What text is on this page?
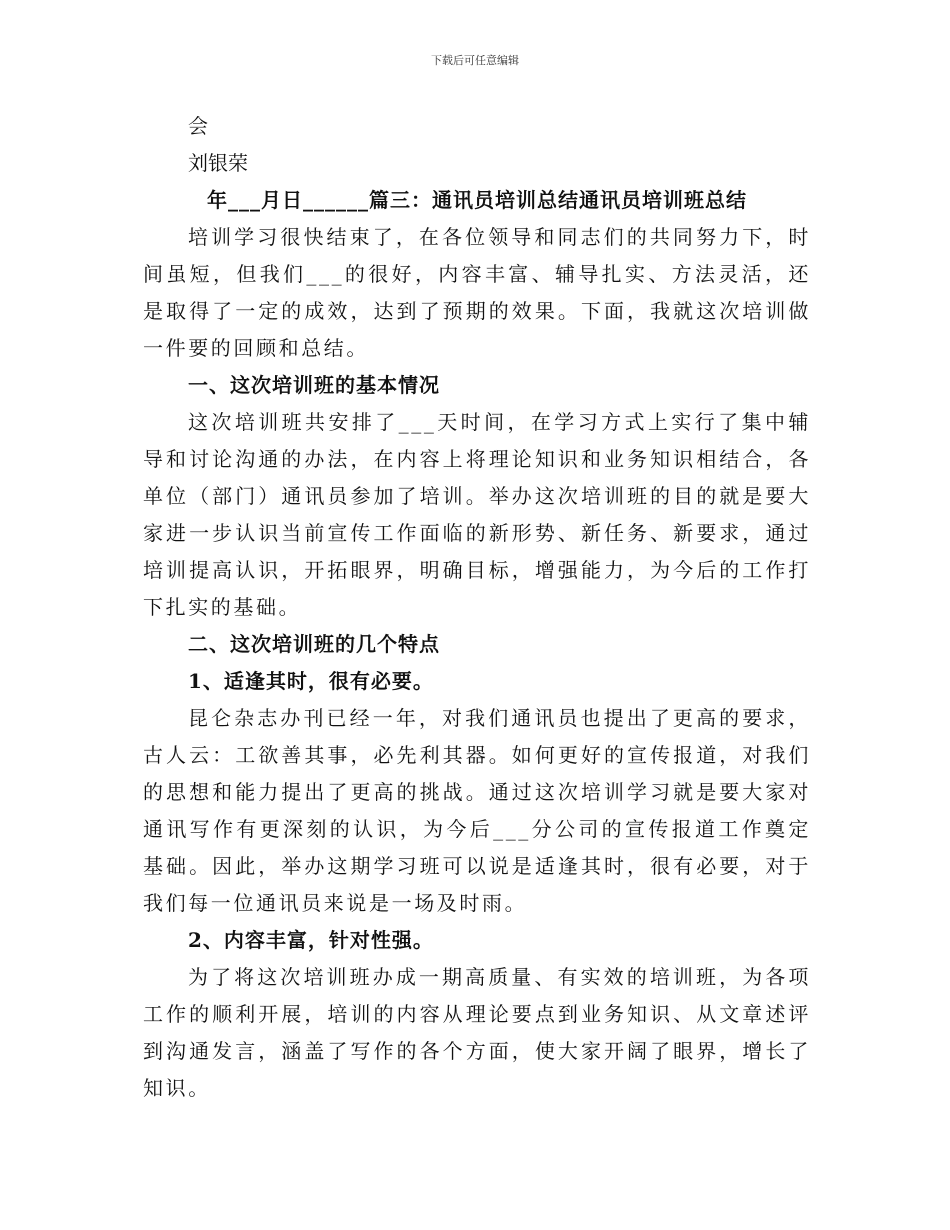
下载后可任意编辑

会

刘银荣

年___月日______篇三：通讯员培训总结通讯员培训班总结

培训学习很快结束了，在各位领导和同志们的共同努力下，时间虽短，但我们___的很好，内容丰富、辅导扎实、方法灵活，还是取得了一定的成效，达到了预期的效果。下面，我就这次培训做一件要的回顾和总结。

一、这次培训班的基本情况

这次培训班共安排了___天时间，在学习方式上实行了集中辅导和讨论沟通的办法，在内容上将理论知识和业务知识相结合，各单位（部门）通讯员参加了培训。举办这次培训班的目的就是要大家进一步认识当前宣传工作面临的新形势、新任务、新要求，通过培训提高认识，开拓眼界，明确目标，增强能力，为今后的工作打下扎实的基础。

二、这次培训班的几个特点

1、适逢其时，很有必要。

昆仑杂志办刊已经一年，对我们通讯员也提出了更高的要求，古人云：工欲善其事，必先利其器。如何更好的宣传报道，对我们的思想和能力提出了更高的挑战。通过这次培训学习就是要大家对通讯写作有更深刻的认识，为今后___分公司的宣传报道工作奠定基础。因此，举办这期学习班可以说是适逢其时，很有必要，对于我们每一位通讯员来说是一场及时雨。

2、内容丰富，针对性强。

为了将这次培训班办成一期高质量、有实效的培训班，为各项工作的顺利开展，培训的内容从理论要点到业务知识、从文章述评到沟通发言，涵盖了写作的各个方面，使大家开阔了眼界，增长了知识。
